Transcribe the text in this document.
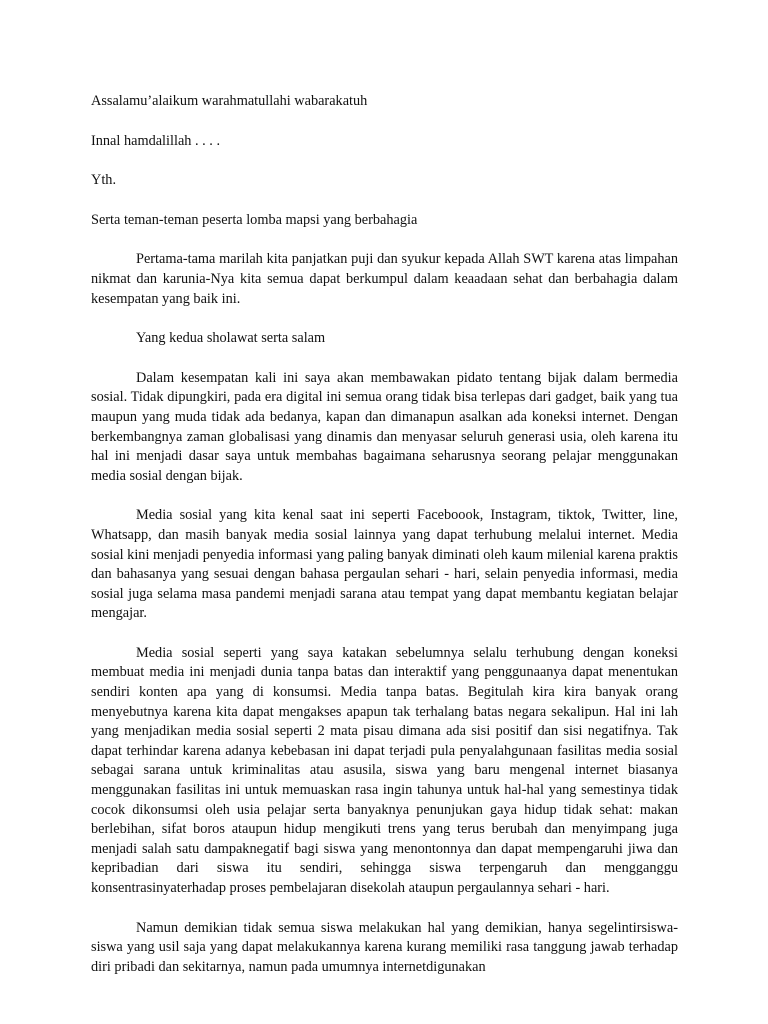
Assalamu’alaikum warahmatullahi wabarakatuh
Innal hamdalillah . . . .
Yth.
Serta teman-teman peserta lomba mapsi yang berbahagia

Pertama-tama marilah kita panjatkan puji dan syukur kepada Allah SWT karena atas limpahan nikmat dan karunia-Nya kita semua dapat berkumpul dalam keaadaan sehat dan berbahagia dalam kesempatan yang baik ini.

Yang kedua sholawat serta salam

Dalam kesempatan kali ini saya akan membawakan pidato tentang bijak dalam bermedia sosial. Tidak dipungkiri, pada era digital ini semua orang tidak bisa terlepas dari gadget, baik yang tua maupun yang muda tidak ada bedanya, kapan dan dimanapun asalkan ada koneksi internet. Dengan berkembangnya zaman globalisasi yang dinamis dan menyasar seluruh generasi usia, oleh karena itu hal ini menjadi dasar saya untuk membahas bagaimana seharusnya seorang pelajar menggunakan media sosial dengan bijak.

Media sosial yang kita kenal saat ini seperti Faceboook, Instagram, tiktok, Twitter, line, Whatsapp, dan masih banyak media sosial lainnya yang dapat terhubung melalui internet. Media sosial kini menjadi penyedia informasi yang paling banyak diminati oleh kaum milenial karena praktis dan bahasanya yang sesuai dengan bahasa pergaulan sehari - hari, selain penyedia informasi, media sosial juga selama masa pandemi menjadi sarana atau tempat yang dapat membantu kegiatan belajar mengajar.

Media sosial seperti yang saya katakan sebelumnya selalu terhubung dengan koneksi membuat media ini menjadi dunia tanpa batas dan interaktif yang penggunaanya dapat menentukan sendiri konten apa yang di konsumsi. Media tanpa batas. Begitulah kira kira banyak orang menyebutnya karena kita dapat mengakses apapun tak terhalang batas negara sekalipun. Hal ini lah yang menjadikan media sosial seperti 2 mata pisau dimana ada sisi positif dan sisi negatifnya. Tak dapat terhindar karena adanya kebebasan ini dapat terjadi pula penyalahgunaan fasilitas media sosial sebagai sarana untuk kriminalitas atau asusila, siswa yang baru mengenal internet biasanya menggunakan fasilitas ini untuk memuaskan rasa ingin tahunya untuk hal-hal yang semestinya tidak cocok dikonsumsi oleh usia pelajar serta banyaknya penunjukan gaya hidup tidak sehat: makan berlebihan, sifat boros ataupun hidup mengikuti trens yang terus berubah dan menyimpang juga menjadi salah satu dampaknegatif bagi siswa yang menontonnya dan dapat mempengaruhi jiwa dan kepribadian dari siswa itu sendiri, sehingga siswa terpengaruh dan mengganggu konsentrasinyaterhadap proses pembelajaran disekolah ataupun pergaulannya sehari - hari.

Namun demikian tidak semua siswa melakukan hal yang demikian, hanya segelintirsiswa-siswa yang usil saja yang dapat melakukannya karena kurang memiliki rasa tanggung jawab terhadap diri pribadi dan sekitarnya, namun pada umumnya internetdigunakan
